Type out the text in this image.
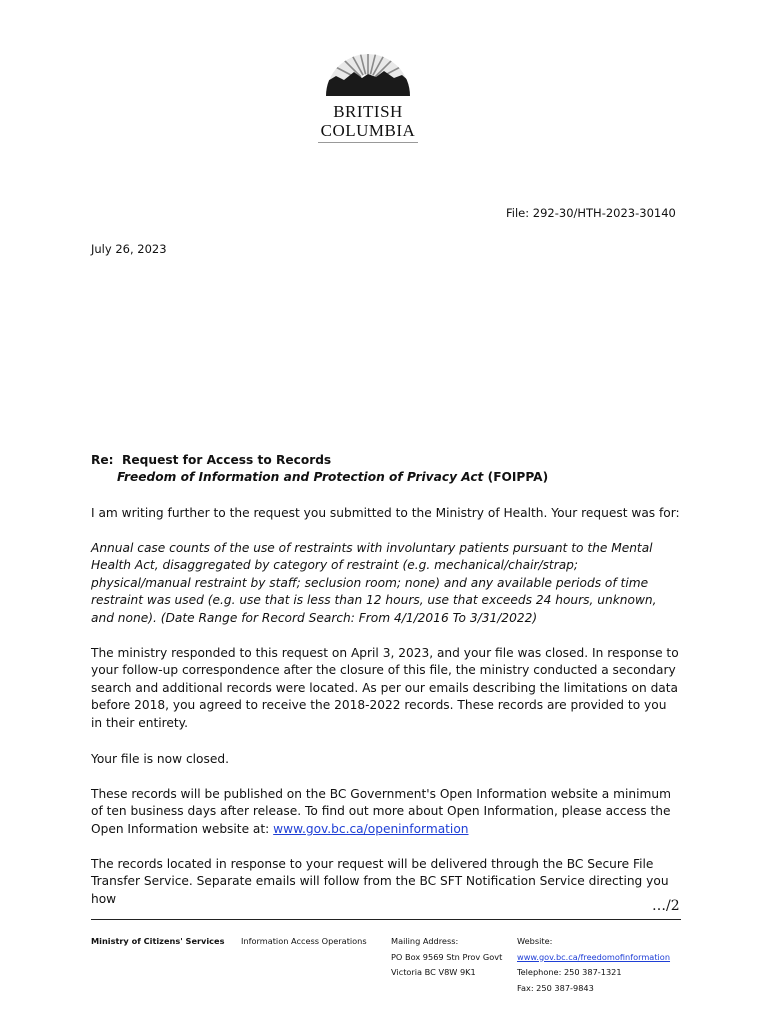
BRITISH
COLUMBIA
File: 292-30/HTH-2023-30140
July 26, 2023
Re: Request for Access to Records
Freedom of Information and Protection of Privacy Act (FOIPPA)

I am writing further to the request you submitted to the Ministry of Health. Your request was for:

Annual case counts of the use of restraints with involuntary patients pursuant to the Mental Health Act, disaggregated by category of restraint (e.g. mechanical/chair/strap; physical/manual restraint by staff; seclusion room; none) and any available periods of time restraint was used (e.g. use that is less than 12 hours, use that exceeds 24 hours, unknown, and none). (Date Range for Record Search: From 4/1/2016 To 3/31/2022)

The ministry responded to this request on April 3, 2023, and your file was closed. In response to your follow-up correspondence after the closure of this file, the ministry conducted a secondary search and additional records were located. As per our emails describing the limitations on data before 2018, you agreed to receive the 2018-2022 records. These records are provided to you in their entirety.

Your file is now closed.

These records will be published on the BC Government's Open Information website a minimum of ten business days after release. To find out more about Open Information, please access the Open Information website at: www.gov.bc.ca/openinformation

The records located in response to your request will be delivered through the BC Secure File Transfer Service. Separate emails will follow from the BC SFT Notification Service directing you how	…/2
Ministry of Citizens' Services Information Access Operations	Mailing Address:
PO Box 9569 Stn Prov Govt
Victoria BC V8W 9K1
Website:
www.gov.bc.ca/freedomofinformation
Telephone: 250 387-1321
Fax: 250 387-9843
